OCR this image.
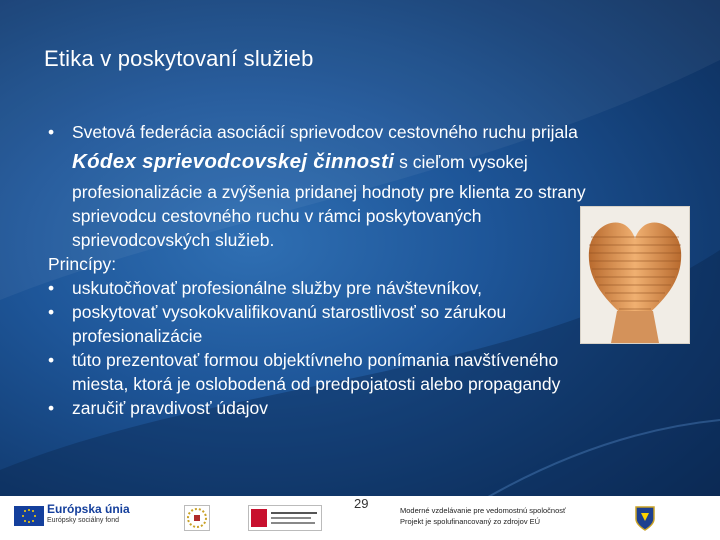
Etika v poskytovaní služieb
• Svetová federácia asociácií sprievodcov cestovného ruchu prijala
Kódex sprievodcovskej činnosti s cieľom vysokej
profesionalizácie a zvýšenia pridanej hodnoty pre klienta zo strany
sprievodcu cestovného ruchu v rámci poskytovaných
sprievodcovských služieb.
Princípy:
• uskutočňovať profesionálne služby pre návštevníkov,
• poskytovať vysokokvalifikovanú starostlivosť so zárukou
profesionalizácie
• túto prezentovať formou objektívneho ponímania navštíveného
miesta, ktorá je oslobodená od predpojatosti alebo propagandy
• zaručiť pravdivosť údajov
Európska únia
Európsky sociálny fond
29	Moderné vzdelávanie pre vedomostnú spoločnosť
Projekt je spolufinancovaný zo zdrojov EÚ
